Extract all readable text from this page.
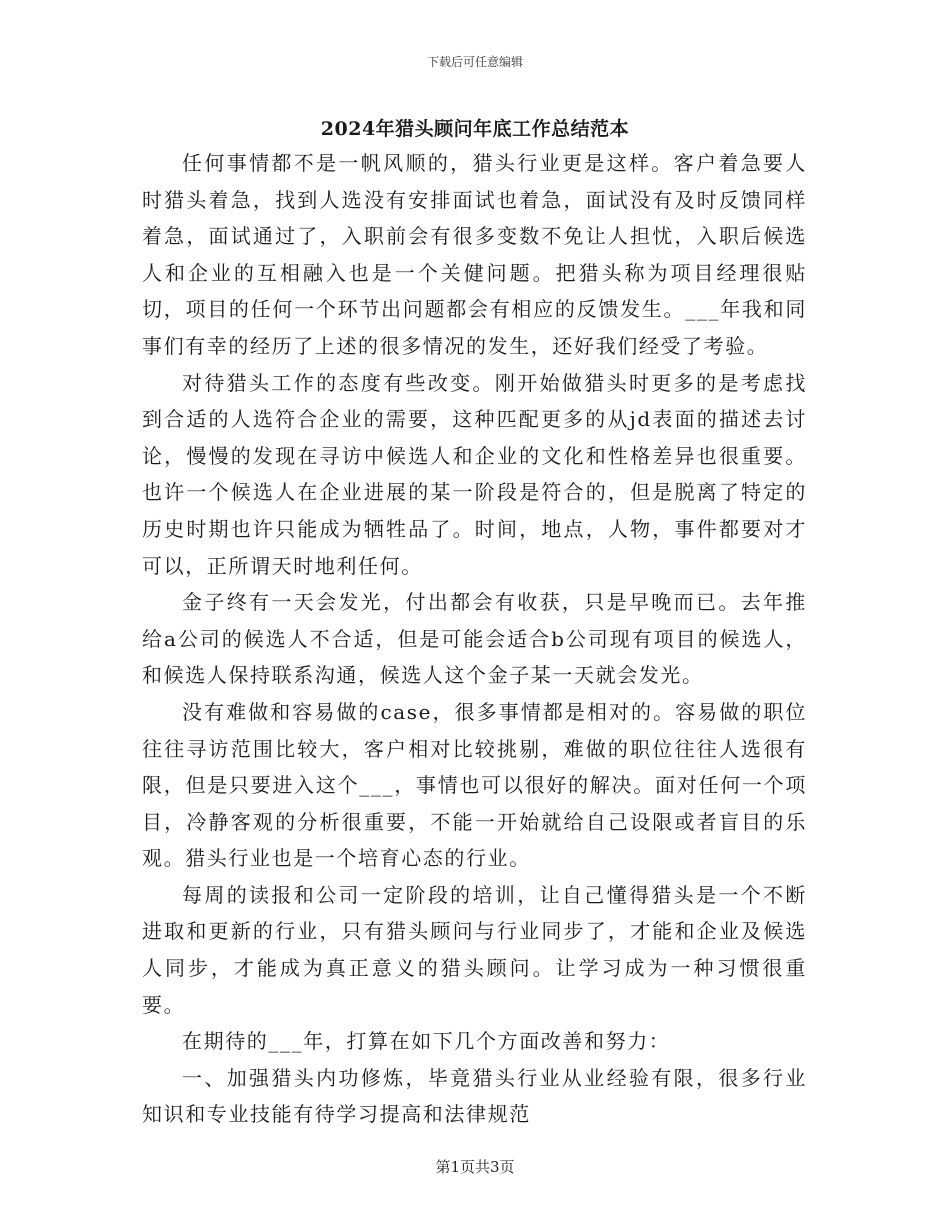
下载后可任意编辑
2024年猎头顾问年底工作总结范本

任何事情都不是一帆风顺的，猎头行业更是这样。客户着急要人时猎头着急，找到人选没有安排面试也着急，面试没有及时反馈同样着急，面试通过了，入职前会有很多变数不免让人担忧，入职后候选人和企业的互相融入也是一个关健问题。把猎头称为项目经理很贴切，项目的任何一个环节出问题都会有相应的反馈发生。___年我和同事们有幸的经历了上述的很多情况的发生，还好我们经受了考验。

对待猎头工作的态度有些改变。刚开始做猎头时更多的是考虑找到合适的人选符合企业的需要，这种匹配更多的从jd表面的描述去讨论，慢慢的发现在寻访中候选人和企业的文化和性格差异也很重要。也许一个候选人在企业进展的某一阶段是符合的，但是脱离了特定的历史时期也许只能成为牺牲品了。时间，地点，人物，事件都要对才可以，正所谓天时地利任何。

金子终有一天会发光，付出都会有收获，只是早晚而已。去年推给a公司的候选人不合适，但是可能会适合b公司现有项目的候选人，和候选人保持联系沟通，候选人这个金子某一天就会发光。

没有难做和容易做的case，很多事情都是相对的。容易做的职位往往寻访范围比较大，客户相对比较挑剔，难做的职位往往人选很有限，但是只要进入这个___，事情也可以很好的解决。面对任何一个项目，冷静客观的分析很重要，不能一开始就给自己设限或者盲目的乐观。猎头行业也是一个培育心态的行业。

每周的读报和公司一定阶段的培训，让自己懂得猎头是一个不断进取和更新的行业，只有猎头顾问与行业同步了，才能和企业及候选人同步，才能成为真正意义的猎头顾问。让学习成为一种习惯很重要。

在期待的___年，打算在如下几个方面改善和努力：

一、加强猎头内功修炼，毕竟猎头行业从业经验有限，很多行业知识和专业技能有待学习提高和法律规范

第1页共3页
